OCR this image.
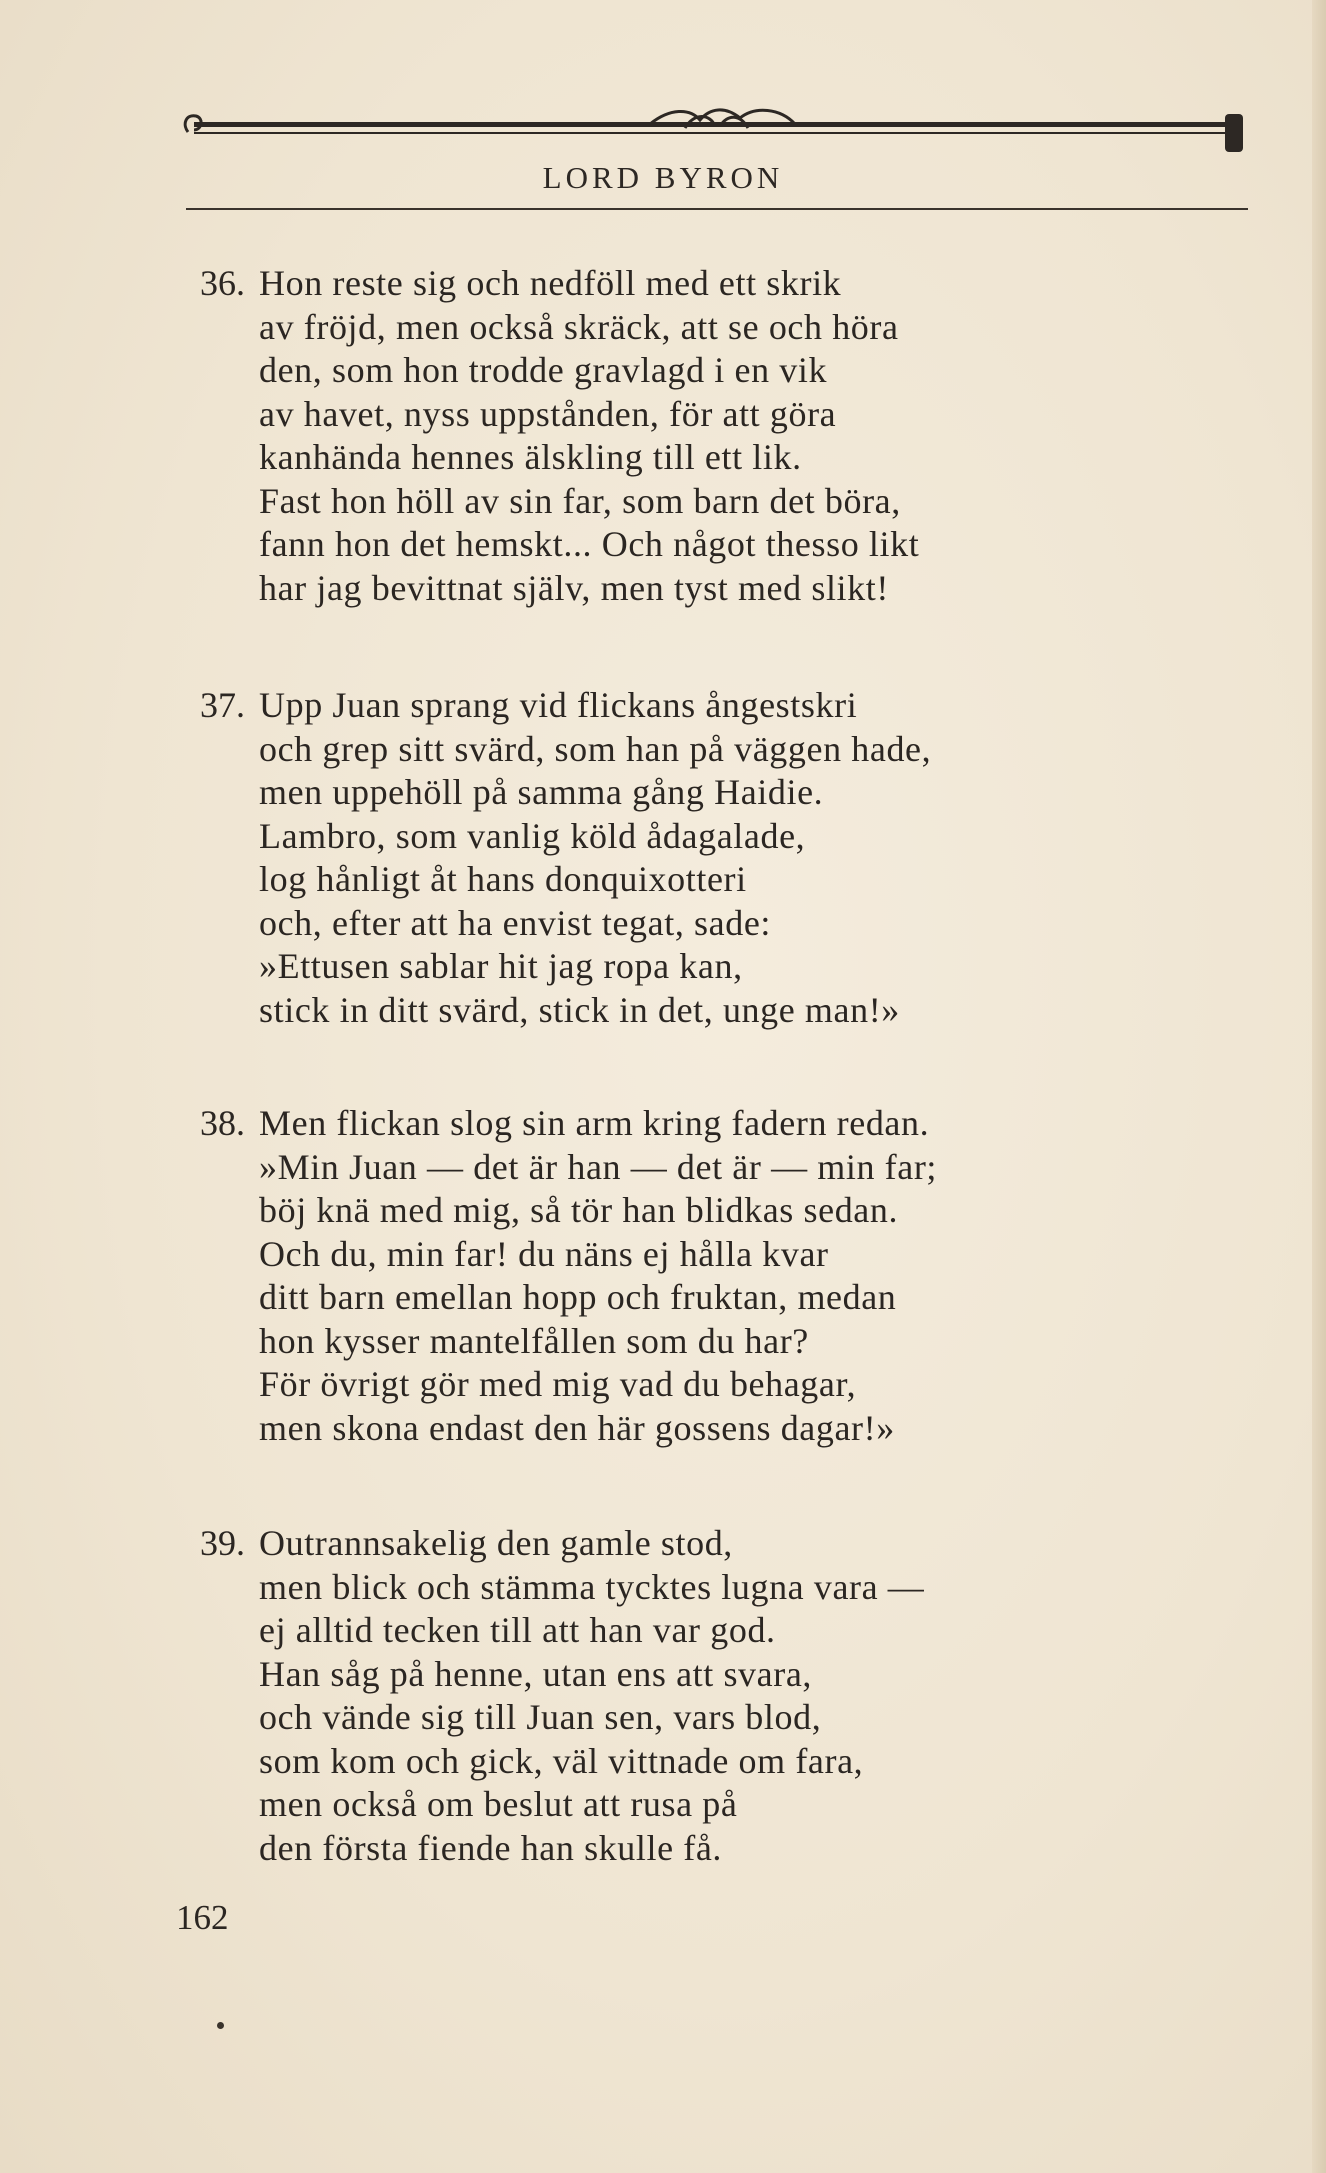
LORD BYRON
36. Hon reste sig och nedföll med ett skrik
av fröjd, men också skräck, att se och höra
den, som hon trodde gravlagd i en vik
av havet, nyss uppstånden, för att göra
kanhända hennes älskling till ett lik.
Fast hon höll av sin far, som barn det böra,
fann hon det hemskt... Och något thesso likt
har jag bevittnat själv, men tyst med slikt!
37. Upp Juan sprang vid flickans ångestskri
och grep sitt svärd, som han på väggen hade,
men uppehöll på samma gång Haidie.
Lambro, som vanlig köld ådagalade,
log hånligt åt hans donquixotteri
och, efter att ha envist tegat, sade:
»Ettusen sablar hit jag ropa kan,
stick in ditt svärd, stick in det, unge man!»
38. Men flickan slog sin arm kring fadern redan.
»Min Juan — det är han — det är — min far;
böj knä med mig, så tör han blidkas sedan.
Och du, min far! du näns ej hålla kvar
ditt barn emellan hopp och fruktan, medan
hon kysser mantelfållen som du har?
För övrigt gör med mig vad du behagar,
men skona endast den här gossens dagar!»
39. Outrannsakelig den gamle stod,
men blick och stämma tycktes lugna vara —
ej alltid tecken till att han var god.
Han såg på henne, utan ens att svara,
och vände sig till Juan sen, vars blod,
som kom och gick, väl vittnade om fara,
men också om beslut att rusa på
den första fiende han skulle få.
162
